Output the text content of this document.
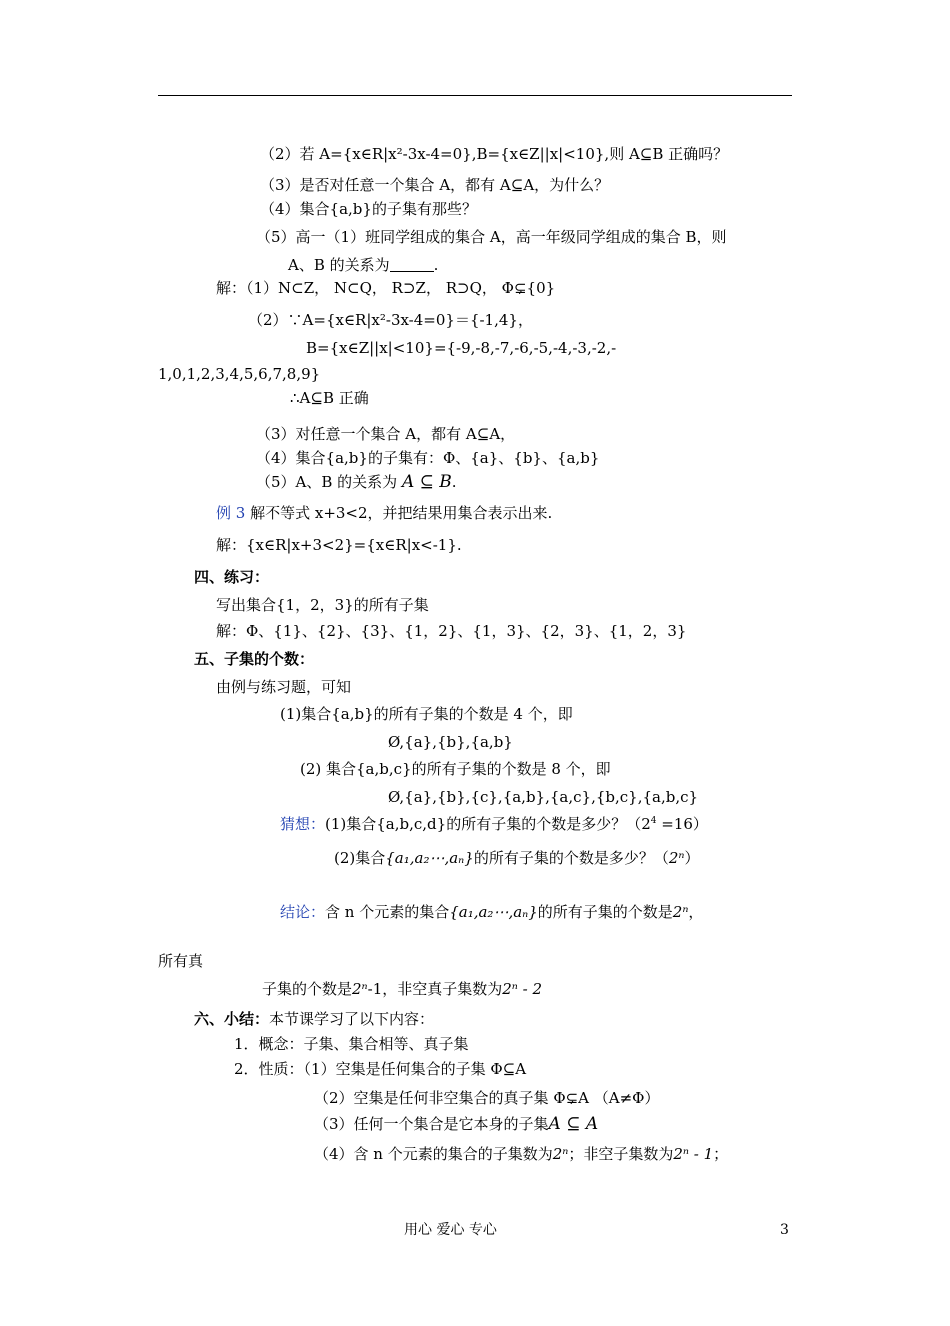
（2）若 A={x∈R|x²-3x-4=0},B={x∈Z||x|<10},则 A⊆B 正确吗？
（3）是否对任意一个集合 A，都有 A⊆A，为什么？
（4）集合{a,b}的子集有那些？
（5）高一（1）班同学组成的集合 A，高一年级同学组成的集合 B，则
A、B 的关系为	.
解：（1）N⊂Z， N⊂Q， R⊃Z， R⊃Q， Φ⊊{0}
（2）∵A={x∈R|x²-3x-4=0}＝{-1,4}，
B={x∈Z||x|<10}={-9,-8,-7,-6,-5,-4,-3,-2,-
1,0,1,2,3,4,5,6,7,8,9}
∴A⊆B 正确
（3）对任意一个集合 A，都有 A⊆A，
（4）集合{a,b}的子集有：Φ、{a}、{b}、{a,b}
（5）A、B 的关系为 A ⊆ B.
例 3 解不等式 x+3<2，并把结果用集合表示出来.
解：{x∈R|x+3<2}={x∈R|x<-1}.
四、练习：
写出集合{1，2，3}的所有子集
解：Φ、{1}、{2}、{3}、{1，2}、{1，3}、{2，3}、{1，2，3}
五、子集的个数：
由例与练习题，可知
(1)集合{a,b}的所有子集的个数是 4 个，即
Ø,{a},{b},{a,b}
(2) 集合{a,b,c}的所有子集的个数是 8 个，即
Ø,{a},{b},{c},{a,b},{a,c},{b,c},{a,b,c}
猜想：(1)集合{a,b,c,d}的所有子集的个数是多少？$(2^4 =16)$
(2)集合{a₁,a₂⋯,aₙ}的所有子集的个数是多少？（2ⁿ）
结论：含 n 个元素的集合{a₁,a₂⋯,aₙ}的所有子集的个数是2ⁿ，
所有真
子集的个数是2ⁿ-1，非空真子集数为2ⁿ - 2
六、小结：本节课学习了以下内容：
1．概念：子集、集合相等、真子集
2．性质：（1）空集是任何集合的子集 Φ⊆A
（2）空集是任何非空集合的真子集 Φ⊊A （A≠Φ）
（3）任何一个集合是它本身的子集A ⊆ A
（4）含 n 个元素的集合的子集数为2ⁿ；非空子集数为2ⁿ - 1；
用心 爱心 专心	3
